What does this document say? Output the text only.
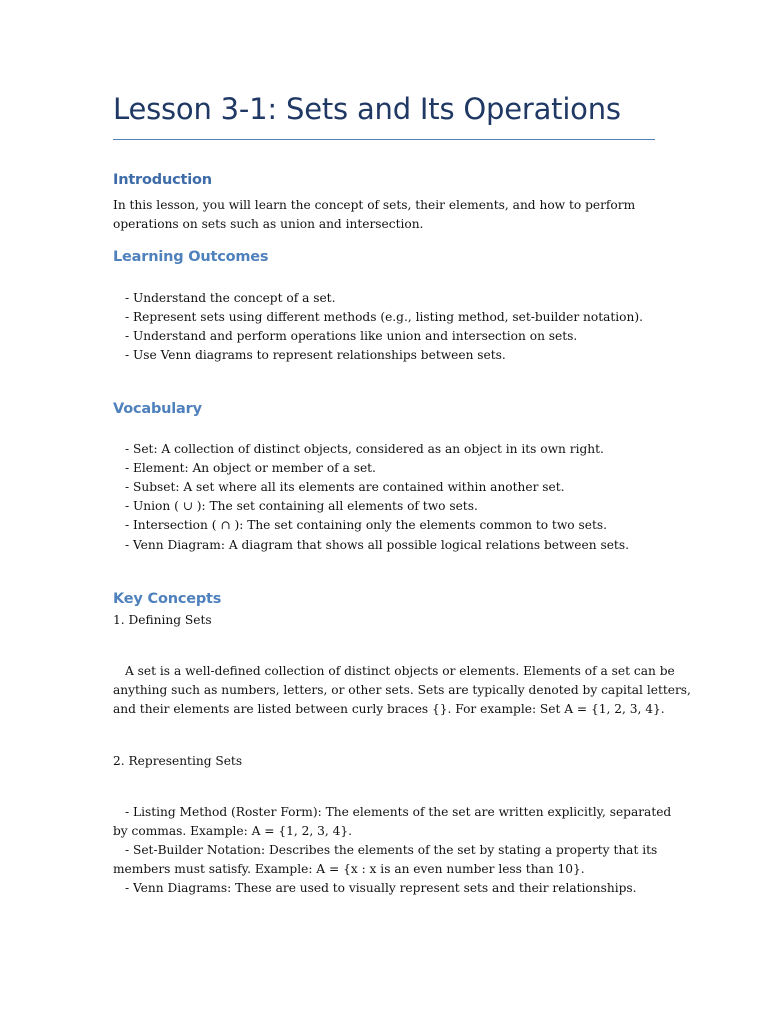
Lesson 3-1: Sets and Its Operations
Introduction
In this lesson, you will learn the concept of sets, their elements, and how to perform
operations on sets such as union and intersection.
Learning Outcomes
- Understand the concept of a set.
- Represent sets using different methods (e.g., listing method, set-builder notation).
- Understand and perform operations like union and intersection on sets.
- Use Venn diagrams to represent relationships between sets.
Vocabulary
- Set: A collection of distinct objects, considered as an object in its own right.
- Element: An object or member of a set.
- Subset: A set where all its elements are contained within another set.
- Union ( ∪ ): The set containing all elements of two sets.
- Intersection ( ∩ ): The set containing only the elements common to two sets.
- Venn Diagram: A diagram that shows all possible logical relations between sets.
Key Concepts
1. Defining Sets
A set is a well-defined collection of distinct objects or elements. Elements of a set can be
anything such as numbers, letters, or other sets. Sets are typically denoted by capital letters,
and their elements are listed between curly braces {}. For example: Set A = {1, 2, 3, 4}.
2. Representing Sets
- Listing Method (Roster Form): The elements of the set are written explicitly, separated
by commas. Example: A = {1, 2, 3, 4}.
- Set-Builder Notation: Describes the elements of the set by stating a property that its
members must satisfy. Example: A = {x : x is an even number less than 10}.
- Venn Diagrams: These are used to visually represent sets and their relationships.
